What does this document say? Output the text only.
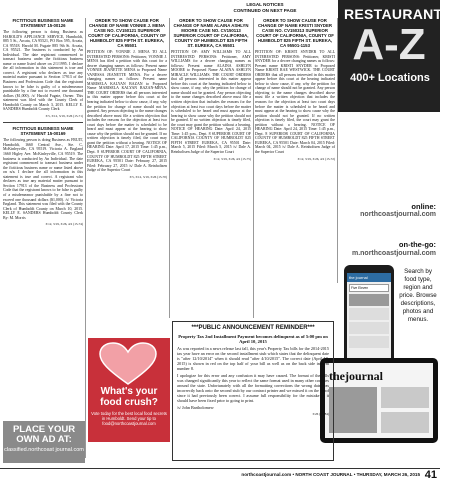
LEGAL NOTICES
CONTINUED ON NEXT PAGE
FICTITIOUS BUSINESS NAME STATEMENT 15-00126

The following person is doing Business as HAROLD'S APPLIANCE SERVICE, Humboldt, 885 5 St., Arcata, CA 95521, PO Box 595, Arcata, CA 95518. Harold M. Fugate 885 9th St. Arcata, CA 95521. The business is conducted by An Individual. The date registrant commenced to transact business under the fictitious business name or name listed above on 2/1/1995. I declare the all information in this statement is true and correct. A registrant who declares as true any material matter pursuant to Section 17913 of the Business and Professions Code that the registrant knows to be false is guilty of a misdemeanor punishable by a fine not to exceed one thousand dollars ($1,000). /s/ Harold Fugate, Owner. This statement was filed with the County Clerk of Humboldt County on March 3, 2015. KELLY E. SANDERS Humboldt County Clerk

3/5, 3/12, 3/19, 3/26 (15-71)
FICTITIOUS BUSINESS NAME STATEMENT 15-00169

The following person is doing Business as FRUIT, Humboldt, 1660 Central Ave., Ste. C, McKinleyville, CA 95519. Victoria A. England 1660 Higley Ave. McKinleyville, CA 95519. The business is conducted by An Individual. The date registrant commenced to transact business under the fictitious business name or name listed above on n/a. I declare the all information in this statement is true and correct. A registrant who declares as true any material matter pursuant to Section 17913 of the Business and Professions Code that the registrant knows to be false is guilty of a misdemeanor punishable by a fine not to exceed one thousand dollars ($1,000). /s/ Victoria England. This statement was filed with the County Clerk of Humboldt County on March 10, 2015. KELLY E. SANDERS Humboldt County Clerk By: M. Morris

3/12, 3/19, 3/26, 4/2 (15-74)
ORDER TO SHOW CAUSE FOR CHANGE OF NAME VONNIE J. MENA CASE NO. CV150121 SUPERIOR COURT OF CALIFORNIA, COUNTY OF HUMBOLDT 825 FIFTH ST. EUREKA, CA 95501

PETITION OF: VONNIE J. MENA TO ALL INTERESTED PERSONS: Petitioner, VONNIE J. MENA has filed a petition with this court for a decree changing names as follows: Present name VONNIE JEANETTE MENA to Proposed Name VANESSA JEANETTE MENA. For a decree changing names as follows: Present name MARISELA KALYAN BAZAN to Proposed Name MARISELA KALYAN BAZAN-MENA. THE COURT ORDERS that all persons interested in this matter appear before this court at the hearing indicated below to show cause, if any, why the petition for change of name should not be granted. Any person objecting to the name changes described above must file a written objection that includes the reasons for the objection at least two court days before the matter is scheduled to be heard and must appear at the hearing to show cause why the petition should not be granted. If no written objection is timely filed, the court may grant the petition without a hearing. NOTICE OF HEARING Date: April 17, 2015 Time: 1:45 p.m., Dept. 8 SUPERIOR COURT OF CALIFORNIA, COUNTY OF HUMBOLDT 825 FIFTH STREET EUREKA, CA 95501 Date: February 27, 2015 Filed: February 27, 2015 /s/ Dale A. Reinholtsen Judge of the Superior Court

3/5, 3/12, 3/19, 3/26 (15-70)
ORDER TO SHOW CAUSE FOR CHANGE OF NAME ALAINA ASHLYN MOORE CASE NO. CV150113 SUPERIOR COURT OF CALIFORNIA, COUNTY OF HUMBOLDT 825 FIFTH ST. EUREKA, CA 95501

PETITION OF: AMY WILLIAMS TO ALL INTERESTED PERSONS: Petitioner, AMY WILLIAMS for a decree changing names as follows: Present name ALAINA ASHLYN MOORE to Proposed Name ALAINA ASHLYN MIRACLE WILLIAMS. THE COURT ORDERS that all persons interested in this matter appear before this court at the hearing indicated below to show cause, if any, why the petition for change of name should not be granted. Any person objecting to the name changes described above must file a written objection that includes the reasons for the objection at least two court days before the matter is scheduled to be heard and must appear at the hearing to show cause why the petition should not be granted. If no written objection is timely filed, the court may grant the petition without a hearing. NOTICE OF HEARING Date: April 24, 2015 Time: 1:45 p.m., Dept. 8 SUPERIOR COURT OF CALIFORNIA COUNTY OF HUMBOLDT 825 FIFTH STREET EUREKA, CA 95501 Date: March 5, 2015 Filed: March 5, 2015 /s/ Dale A. Reinholtsen Judge of the Superior Court

3/12, 3/19, 3/26, 4/2 (15-75)
ORDER TO SHOW CAUSE FOR CHANGE OF NAME KRISTI SNYDER CASE NO. CV150313 SUPERIOR COURT OF CALIFORNIA, COUNTY OF HUMBOLDT 825 FIFTH ST. EUREKA, CA 95501-1153

PETITION OF: KRISTI SNYDER TO ALL INTERESTED PERSONS: Petitioner, KRISTI SNYDER for a decree changing names as follows: Present name KRISTI SNYDER to Proposed Name KRISTI RAE WESTWICK. THE COURT ORDERS that all persons interested in this matter appear before this court at the hearing indicated below to show cause, if any, why the petition for change of name should not be granted. Any person objecting to the name changes described above must file a written objection that includes the reasons for the objection at least two court days before the matter is scheduled to be heard and must appear at the hearing to show cause why the petition should not be granted. If no written objection is timely filed, the court may grant the petition without a hearing. NOTICE OF HEARING Date: April 24, 2015 Time: 1:45 p.m., Dept. 8 SUPERIOR COURT OF CALIFORNIA COUNTY OF HUMBOLDT 825 FIFTH STREET EUREKA, CA 95501 Date: March 04, 2015 Filed: March 04, 2015 /s/ Dale A. Reinholtsen Judge of the Superior Court

3/12, 3/19, 3/26, 4/2 (15-72)
RESTAURANTS
A-Z
400+ Locations
online:
northcoastjournal.com
on-the-go:
m.northcoastjournal.com
Search by food type, region and price. Browse descriptions, photos and menus.
the journal
Five Eleven
thejournal
PLACE YOUR OWN AD AT:
classified.northcoast journal.com
What's your food crush?
Vote today for the best local food secrets in Humboldt. Send your tip to food@northcoastjournal.com
***PUBLIC ANNOUNCEMENT REMINDER***
Property Tax 2nd Installment Payment becomes delinquent as of 5:00 pm on April 10, 2015

As was reported in a news release last fall, this year's Property Tax bills for the 2014-2015 tax year have an error on the second installment stub which states that the delinquent date is "after 12/10/2014" when it should read "after 4/10/2015". The correct date (April 10, 2015) is shown in red on the top half of your bill as well as on the back side in item number 8.

I apologize for this error and any confusion it may have caused. The format of the bills was changed significantly this year to reflect the same format used in many other counties around the state. Unfortunately with all the formatting corrections the wrong date was incorrectly back onto the second stub by our contract printer and we missed it on the proof since it had previously been correct. I assume full responsibility for the mistake as it should have been fixed prior to going to print.

/s/ John Bartholomew

3/26 (15-84)
northcoastjournal.com • NORTH COAST JOURNAL • THURSDAY, MARCH 26, 2015 41
